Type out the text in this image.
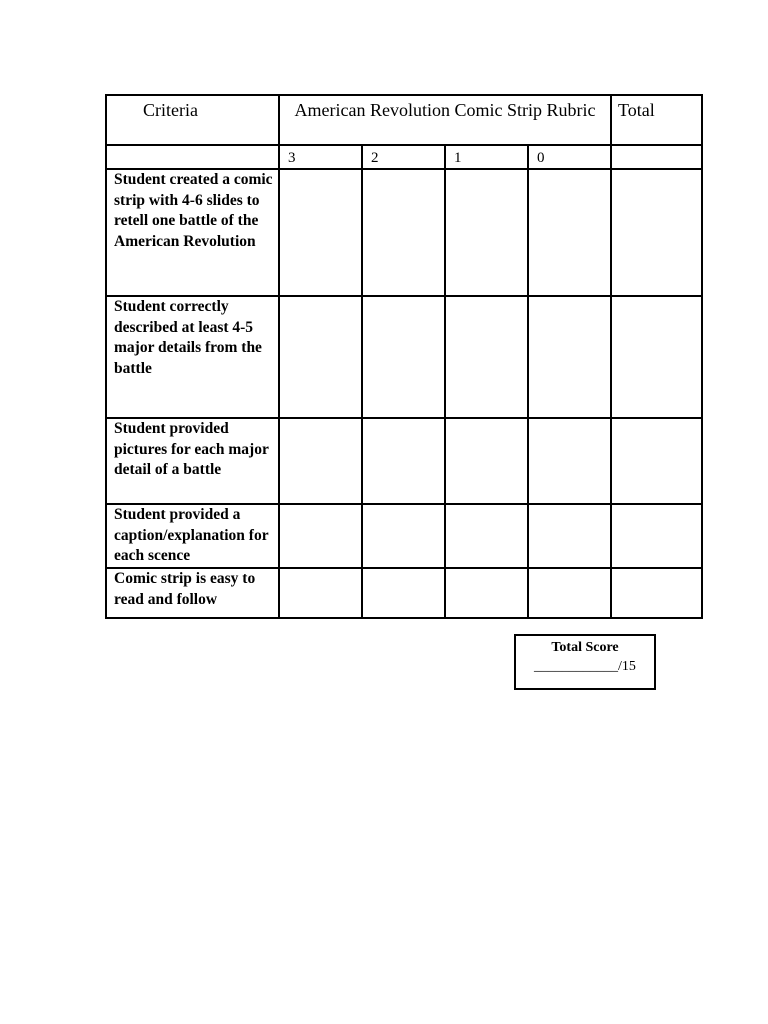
Criteria	American Revolution Comic Strip Rubric				Total
	3	2	1	0	
Student created a comic strip with 4-6 slides to retell one battle of the American Revolution					
Student correctly described at least 4-5 major details from the battle					
Student provided pictures for each major detail of a battle					
Student provided a caption/explanation for each scence					
Comic strip is easy to read and follow					
Total Score
____________/15
